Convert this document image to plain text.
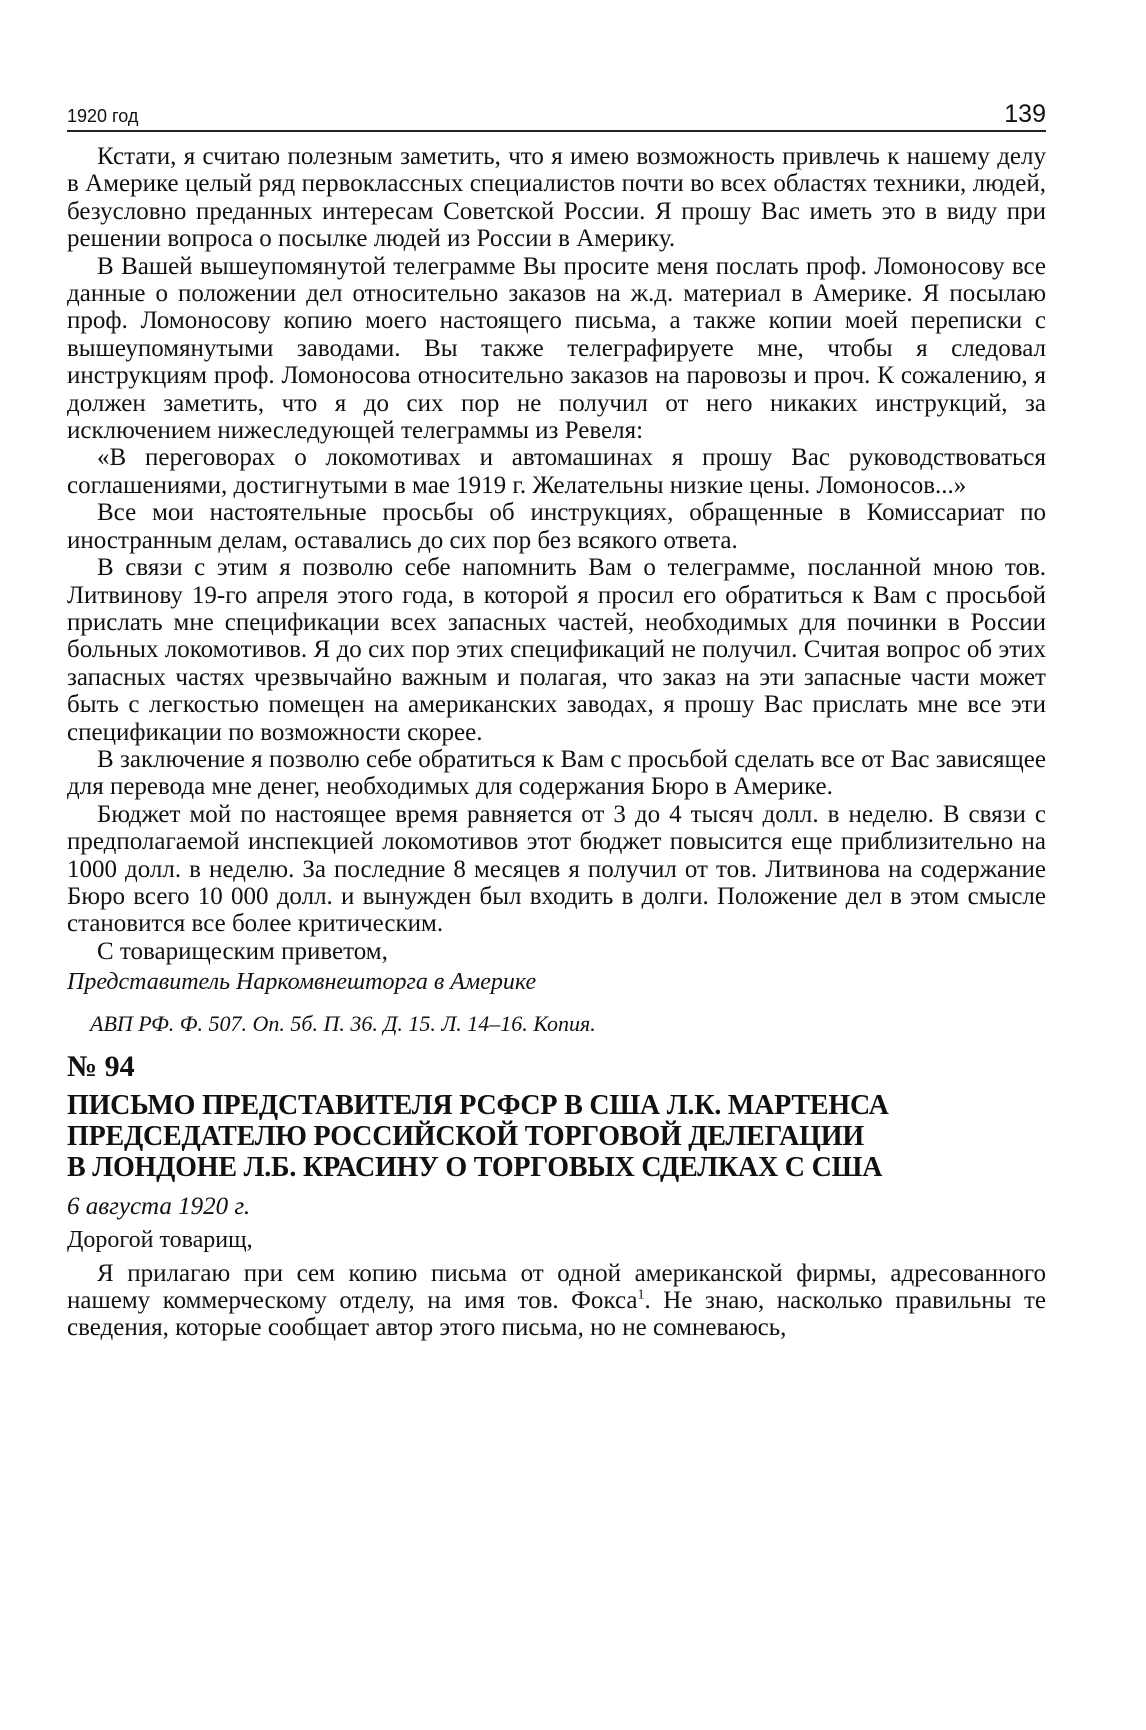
1920 год	139

Кстати, я считаю полезным заметить, что я имею возможность привлечь к нашему делу в Америке целый ряд первоклассных специалистов почти во всех областях техники, людей, безусловно преданных интересам Советской России. Я прошу Вас иметь это в виду при решении вопроса о посылке людей из России в Америку.

В Вашей вышеупомянутой телеграмме Вы просите меня послать проф. Ломоносову все данные о положении дел относительно заказов на ж.д. материал в Америке. Я посылаю проф. Ломоносову копию моего настоящего письма, а также копии моей переписки с вышеупомянутыми заводами. Вы также телеграфируете мне, чтобы я следовал инструкциям проф. Ломоносова относительно заказов на паровозы и проч. К сожалению, я должен заметить, что я до сих пор не получил от него никаких инструкций, за исключением нижеследующей телеграммы из Ревеля:

«В переговорах о локомотивах и автомашинах я прошу Вас руководствоваться соглашениями, достигнутыми в мае 1919 г. Желательны низкие цены. Ломоносов...»

Все мои настоятельные просьбы об инструкциях, обращенные в Комиссариат по иностранным делам, оставались до сих пор без всякого ответа.

В связи с этим я позволю себе напомнить Вам о телеграмме, посланной мною тов. Литвинову 19-го апреля этого года, в которой я просил его обратиться к Вам с просьбой прислать мне спецификации всех запасных частей, необходимых для починки в России больных локомотивов. Я до сих пор этих спецификаций не получил. Считая вопрос об этих запасных частях чрезвычайно важным и полагая, что заказ на эти запасные части может быть с легкостью помещен на американских заводах, я прошу Вас прислать мне все эти спецификации по возможности скорее.

В заключение я позволю себе обратиться к Вам с просьбой сделать все от Вас зависящее для перевода мне денег, необходимых для содержания Бюро в Америке.

Бюджет мой по настоящее время равняется от 3 до 4 тысяч долл. в неделю. В связи с предполагаемой инспекцией локомотивов этот бюджет повысится еще приблизительно на 1000 долл. в неделю. За последние 8 месяцев я получил от тов. Литвинова на содержание Бюро всего 10 000 долл. и вынужден был входить в долги. Положение дел в этом смысле становится все более критическим.

С товарищеским приветом,

Представитель Наркомвнешторга в Америке

АВП РФ. Ф. 507. Оп. 5б. П. 36. Д. 15. Л. 14–16. Копия.

№ 94

ПИСЬМО ПРЕДСТАВИТЕЛЯ РСФСР В США Л.К. МАРТЕНСА
ПРЕДСЕДАТЕЛЮ РОССИЙСКОЙ ТОРГОВОЙ ДЕЛЕГАЦИИ
В ЛОНДОНЕ Л.Б. КРАСИНУ О ТОРГОВЫХ СДЕЛКАХ С США

6 августа 1920 г.

Дорогой товарищ,

Я прилагаю при сем копию письма от одной американской фирмы, адресованного нашему коммерческому отделу, на имя тов. Фокса$^1$. Не знаю, насколько правильны те сведения, которые сообщает автор этого письма, но не сомневаюсь,
